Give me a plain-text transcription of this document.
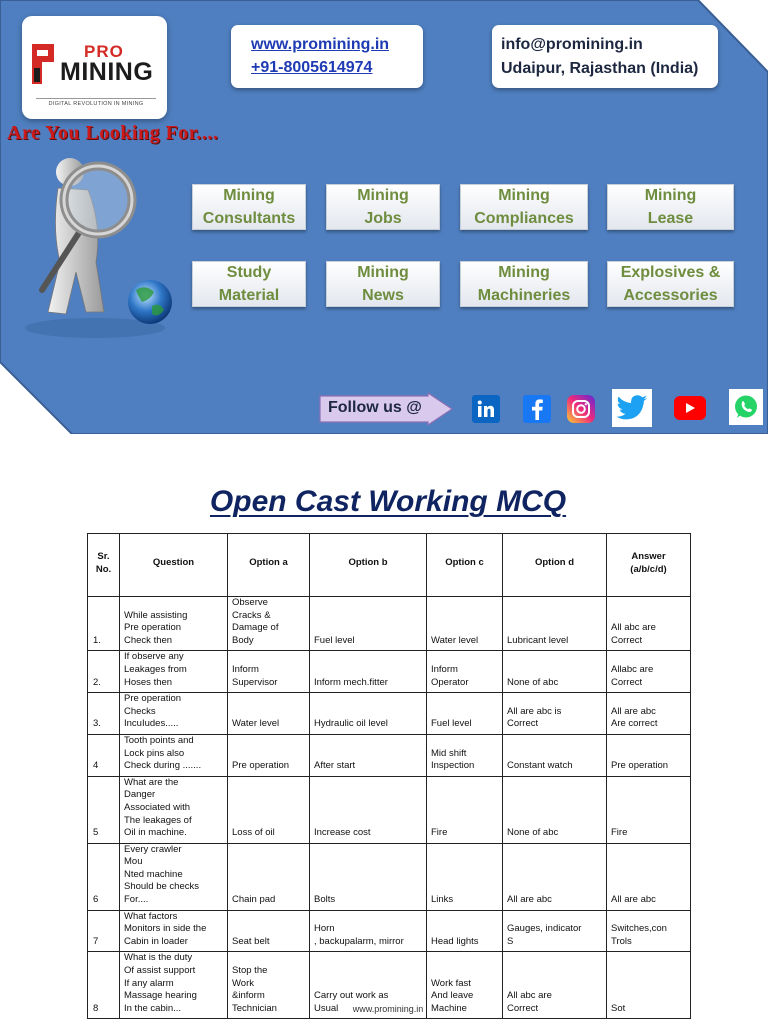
PRO
MINING
DIGITAL REVOLUTION IN MINING
www.promining.in
+91-8005614974
info@promining.in
Udaipur, Rajasthan (India)
Are You Looking For....
Mining
Consultants
Mining
Jobs
Mining
Compliances
Mining
Lease
Study
Material
Mining
News
Mining
Machineries
Explosives &
Accessories
Follow us @
Open Cast Working MCQ
Sr.
No.	Question	Option a	Option b	Option c	Option d	Answer
(a/b/c/d)
1.	While assisting
Pre operation
Check then	Observe
Cracks &
Damage of
Body	Fuel level	Water level	Lubricant level	All abc are
Correct
2.	If observe any
Leakages from
Hoses then	Inform
Supervisor	Inform mech.fitter	Inform
Operator	None of abc	Allabc are
Correct
3.	Pre operation
Checks
IncuIudes.....	Water level	Hydraulic oil level	Fuel level	All are abc is
Correct	All are abc
Are correct
4	Tooth points and
Lock pins also
Check during .......	Pre operation	After start	Mid shift
Inspection	Constant watch	Pre operation
5	What are the
Danger
Associated with
The leakages of
Oil in machine.	Loss of oil	Increase cost	Fire	None of abc	Fire
6	Every crawler
Mou
Nted machine
Should be checks
For....	Chain pad	Bolts	Links	All are abc	All are abc
7	What factors
Monitors in side the
Cabin in loader	Seat belt	Horn
, backupalarm, mirror	Head lights	Gauges, indicator
S	Switches,con
Trols
8	What is the duty
Of assist support
If any alarm
Massage hearing
In the cabin...	Stop the
Work
&inform
Technician	Carry out work as
Usual	Work fast
And leave
Machine	All abc are
Correct	Sot
www.promining.in
